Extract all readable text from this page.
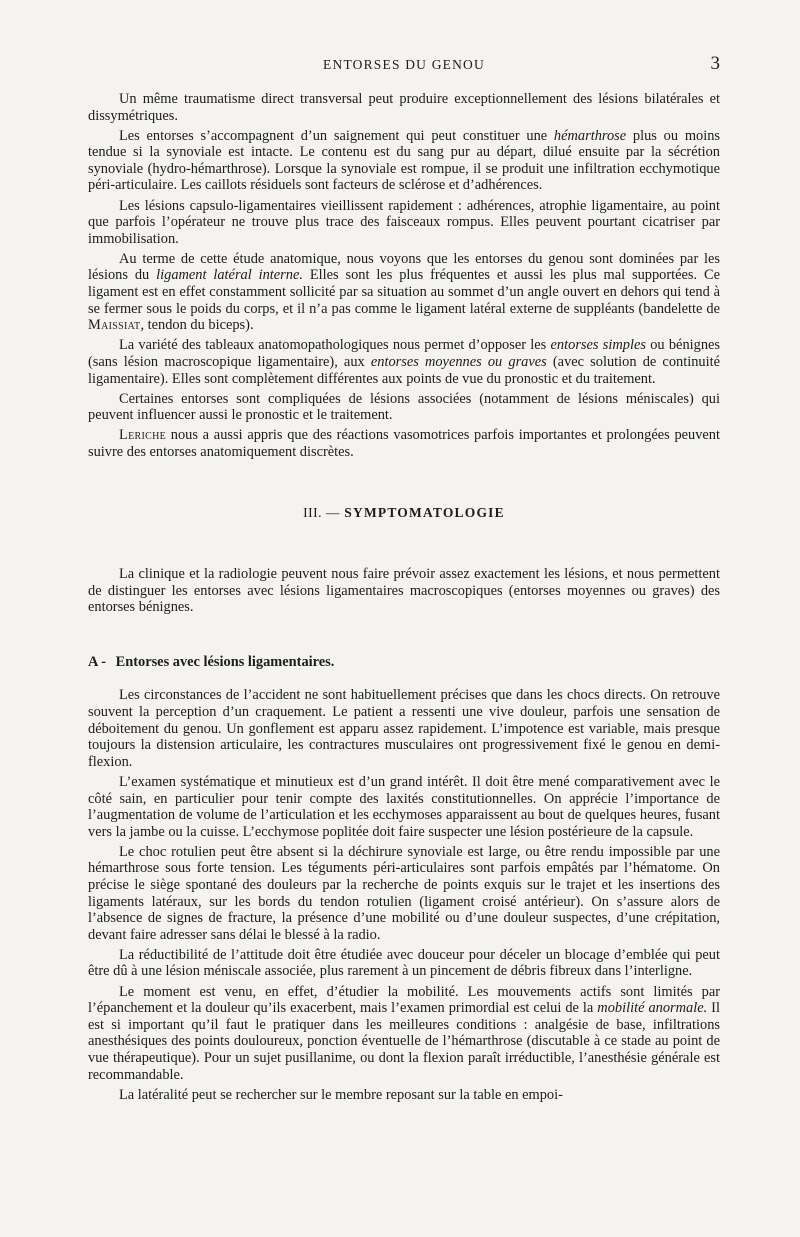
ENTORSES DU GENOU	3

Un même traumatisme direct transversal peut produire exceptionnellement des lésions bilatérales et dissymétriques.

Les entorses s’accompagnent d’un saignement qui peut constituer une hémarthrose plus ou moins tendue si la synoviale est intacte. Le contenu est du sang pur au départ, dilué ensuite par la sécrétion synoviale (hydro-hémarthrose). Lorsque la synoviale est rompue, il se produit une infiltration ecchymotique péri-articulaire. Les caillots résiduels sont facteurs de sclérose et d’adhérences.

Les lésions capsulo-ligamentaires vieillissent rapidement : adhérences, atrophie ligamentaire, au point que parfois l’opérateur ne trouve plus trace des faisceaux rompus. Elles peuvent pourtant cicatriser par immobilisation.

Au terme de cette étude anatomique, nous voyons que les entorses du genou sont dominées par les lésions du ligament latéral interne. Elles sont les plus fréquentes et aussi les plus mal supportées. Ce ligament est en effet constamment sollicité par sa situation au sommet d’un angle ouvert en dehors qui tend à se fermer sous le poids du corps, et il n’a pas comme le ligament latéral externe de suppléants (bandelette de Maissiat, tendon du biceps).

La variété des tableaux anatomopathologiques nous permet d’opposer les entorses simples ou bénignes (sans lésion macroscopique ligamentaire), aux entorses moyennes ou graves (avec solution de continuité ligamentaire). Elles sont complètement différentes aux points de vue du pronostic et du traitement.

Certaines entorses sont compliquées de lésions associées (notamment de lésions méniscales) qui peuvent influencer aussi le pronostic et le traitement.

Leriche nous a aussi appris que des réactions vasomotrices parfois importantes et prolongées peuvent suivre des entorses anatomiquement discrètes.

III. — SYMPTOMATOLOGIE

La clinique et la radiologie peuvent nous faire prévoir assez exactement les lésions, et nous permettent de distinguer les entorses avec lésions ligamentaires macroscopiques (entorses moyennes ou graves) des entorses bénignes.

A - Entorses avec lésions ligamentaires.

Les circonstances de l’accident ne sont habituellement précises que dans les chocs directs. On retrouve souvent la perception d’un craquement. Le patient a ressenti une vive douleur, parfois une sensation de déboitement du genou. Un gonflement est apparu assez rapidement. L’impotence est variable, mais presque toujours la distension articulaire, les contractures musculaires ont progressivement fixé le genou en demi-flexion.

L’examen systématique et minutieux est d’un grand intérêt. Il doit être mené comparativement avec le côté sain, en particulier pour tenir compte des laxités constitutionnelles. On apprécie l’importance de l’augmentation de volume de l’articulation et les ecchymoses apparaissent au bout de quelques heures, fusant vers la jambe ou la cuisse. L’ecchymose poplitée doit faire suspecter une lésion postérieure de la capsule.

Le choc rotulien peut être absent si la déchirure synoviale est large, ou être rendu impossible par une hémarthrose sous forte tension. Les téguments péri-articulaires sont parfois empâtés par l’hématome. On précise le siège spontané des douleurs par la recherche de points exquis sur le trajet et les insertions des ligaments latéraux, sur les bords du tendon rotulien (ligament croisé antérieur). On s’assure alors de l’absence de signes de fracture, la présence d’une mobilité ou d’une douleur suspectes, d’une crépitation, devant faire adresser sans délai le blessé à la radio.

La réductibilité de l’attitude doit être étudiée avec douceur pour déceler un blocage d’emblée qui peut être dû à une lésion méniscale associée, plus rarement à un pincement de débris fibreux dans l’interligne.

Le moment est venu, en effet, d’étudier la mobilité. Les mouvements actifs sont limités par l’épanchement et la douleur qu’ils exacerbent, mais l’examen primordial est celui de la mobilité anormale. Il est si important qu’il faut le pratiquer dans les meilleures conditions : analgésie de base, infiltrations anesthésiques des points douloureux, ponction éventuelle de l’hémarthrose (discutable à ce stade au point de vue thérapeutique). Pour un sujet pusillanime, ou dont la flexion paraît irréductible, l’anesthésie générale est recommandable.

La latéralité peut se rechercher sur le membre reposant sur la table en empoi-
